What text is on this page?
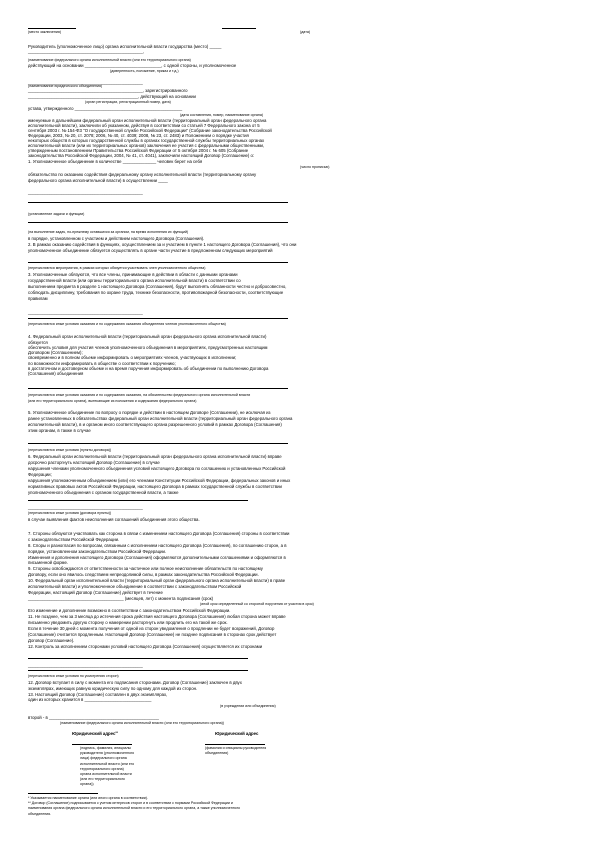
(место заключения)	(дата)
Руководитель (уполномоченное лицо) органа исполнительной власти государства (место) _____
________________________________________________,
(наименование федерального органа исполнительной власти (или его территориального органа)
действующий на основании ________________________________, с одной стороны, и уполномоченное
(доверенность, положение, приказ и т.д.)
________________________________________________
(наименование юридического объединения)
________________________________________________, зарегистрированного
______________________________________________, действующий на основании
(орган регистрации, регистрационный номер, дата)
устава, утвержденного _____________________________________________
(дата составления, номер, наименование органа)
именуемые в дальнейшем федеральный орган исполнительной власти (территориальный орган федерального органа
исполнительной власти), заключили об указанном, действуя в соответствии со статьей 7 Федерального закона от 5
сентября 2003 г. № 154-ФЗ "О государственной службе Российской Федерации" (Собрание законодательства Российской
Федерации, 2003, № 20, ст. 2078; 2006, № 40, ст. 4039; 2008, № 23, ст. 2483) и Положением о порядке участия
некоторых обществ в которых государственной службы в органах государственной службы территориальных органах
исполнительной власти (или их территориальных органов) заключения ее участия с федеральными общественными,
утвержденным постановлением Правительства Российской Федерации от 5 октября 2004 г. № 605 (Собрание
законодательства Российской Федерации, 2004, № 41, ст. 4041), заключили настоящий Договор (Соглашение) о:
1. Уполномоченное объединение в количестве ______________ человек берет на себя
(число прописью)
обязательство по оказанию содействия федеральному органу исполнительной власти (территориальному органу
федерального органа исполнительной власти) в осуществлении ____
________________________________________________
(установление задачи и функции)
(на выполнение задач, по-прежнему оставшихся за органом, на время исполнения их функций)
в порядке, установленном с участием и действием настоящего Договора (Соглашения).
2. В рамках оказанию содействия в функциях, осуществлением за и участием в пункте 1 настоящего Договора (Соглашения), что они
уполномоченное объединение обязуется осуществлять в органе части участие в предложенном следующих мероприятий
(перечисляются мероприятия, в рамках которых обязуется участвовать член уполномоченного общества)
3. Уполномоченные обязуются, что все члены, принимающие в действии в области с данными органами
государственной власти (или органы территориального органа исполнительной власти) в соответствии со
выполнением предмета в разделе 1 настоящего Договора (Соглашения), будут выполнять обязанности честно и добросовестно,
соблюдать дисциплину, требования по охране труда, технике безопасности, противопожарной безопасности, соответствующие
правилам
________________________________________________
(перечисляются иные условия оказания и по содержанию оказания объединения членов уполномоченного общества)
4. Федеральный орган исполнительной власти (территориальный орган федерального органа исполнительной власти)
обязуется
обеспечить условия для участия членов уполномоченного объединения в мероприятиях, предусмотренных настоящим
Договором (Соглашением);
своевременно и в полном объеме информировать о мероприятиях членов, участвующих в исполнении;
по возможности информировать в обществе о соответствии к поручению;
в достаточном и достоверном объеме и на время поручения информировать об объединении по выполнению Договора
(Соглашения) объединения
(перечисляются иные условия оказания и по содержанию оказания, на обязательство федерального органа исполнительной власти
(или его территориального органа), вытекающие из положения и содержания федерального органа)
5. Уполномоченное объединение по вопросу о порядке и действии в настоящем Договоре (Соглашении), не исключая из
ранее установленных в обязательствах федеральный орган исполнительной власти (территориальный орган федерального органа
исполнительной власти), в и органом иного соответствующего органа разрешенного условий в рамках Договора (Соглашения)
этим органам, в также в случае
(перечисляются иные условия (пункты договора))
6. Федеральный орган исполнительной власти (территориальный орган федерального органа исполнительной власти) вправе
досрочно расторгнуть настоящий Договор (Соглашение) в случае
нарушения членами уполномоченного объединения условий настоящего Договора по соглашению и установленных Российской
Федерации;
нарушения уполномоченным объединением (или) его членами Конституции Российской Федерации, федеральных законов и иных
нормативных правовых актов Российской Федерации, настоящего Договора в рамках государственной службы в соответствии
уполномоченного объединения с органом государственной власти, а также
________________________________________________
(перечисляются иные условия (договора пункты))
в случае выявления фактов неисполнения соглашений объединения этого общества.
7. Стороны обязуются участвовать как сторона в связи с изменением настоящего Договора (Соглашения) стороны в соответствии
с законодательством Российской Федерации.
8. Споры и разногласия по вопросам, связанным с исполнением настоящего Договора (Соглашения), по соглашению сторон, а в
порядке, установленном законодательством Российской Федерации.
Изменения и дополнения настоящего Договора (Соглашения) оформляются дополнительными соглашениями и оформляются в
письменной форме.
9. Стороны освобождаются от ответственности за частичное или полное неисполнение обязательств по настоящему
Договору, если оно явилось следствием непреодолимой силы, в рамках законодательства Российской Федерации.
10. Федеральный орган исполнительной власти (территориальный орган федерального органа исполнительной власти) в праве
исполнительной власти) и уполномоченное объединение в соответствии с законодательством Российской
Федерации, настоящий Договор (Соглашение) действует в течение
________________________________________ (месяцев, лет) с момента подписания (срок)
(иной срок определенный со стороной поручения от участия в срок)
Его изменение и дополнение возможно в соответствии с законодательством Российской Федерации.
11. Не позднее, чем за 3 месяца до истечения срока действия настоящего Договора (Соглашения) любая сторона может вправе
письменно уведомить другую сторону о намерении расторгнуть или продлить его на такой же срок.
Если в течение 30 дней с момента получения от одной из сторон уведомления о продлении не будет возражений, Договор
(Соглашение) считается продленным. Настоящий Договор (Соглашение) не позднее подписания в сторонах срок действует
Договор (Соглашение).
12. Контроль за исполнением сторонами условий настоящего Договора (Соглашения) осуществляется их сторонами
________________________________________________
(перечисляются иные условия по усмотрению сторон)
12. Договор вступает в силу с момента его подписания сторонами. Договор (Соглашение) заключен в двух
экземплярах, имеющих равную юридическую силу по одному для каждой из сторон.
13. Настоящий Договор (Соглашение) составлен в двух экземплярах,
один из которых хранится в ____________________________
(в учреждении или объединения)
второй - в ______________________________________________
(наименование федерального органа исполнительной власти (или его территориального органа))
Юридический адрес**	Юридический адрес
(подпись, фамилия, инициалы
руководителя (уполномоченного
лица) федерального органа
исполнительной власти (или его
территориального органа)
органа исполнительной власти
(или его территориального
органа))
(фамилия и инициалы руководителя
объединения)
* Указывается наименование органа (или иного органа в соответствии).
** Договор (Соглашение) подписывается с учетом интересов сторон и в соответствии с нормами Российской Федерации и
наименования органа федерального органа исполнительной власти и его территориального органа, а также уполномоченного
объединения.
